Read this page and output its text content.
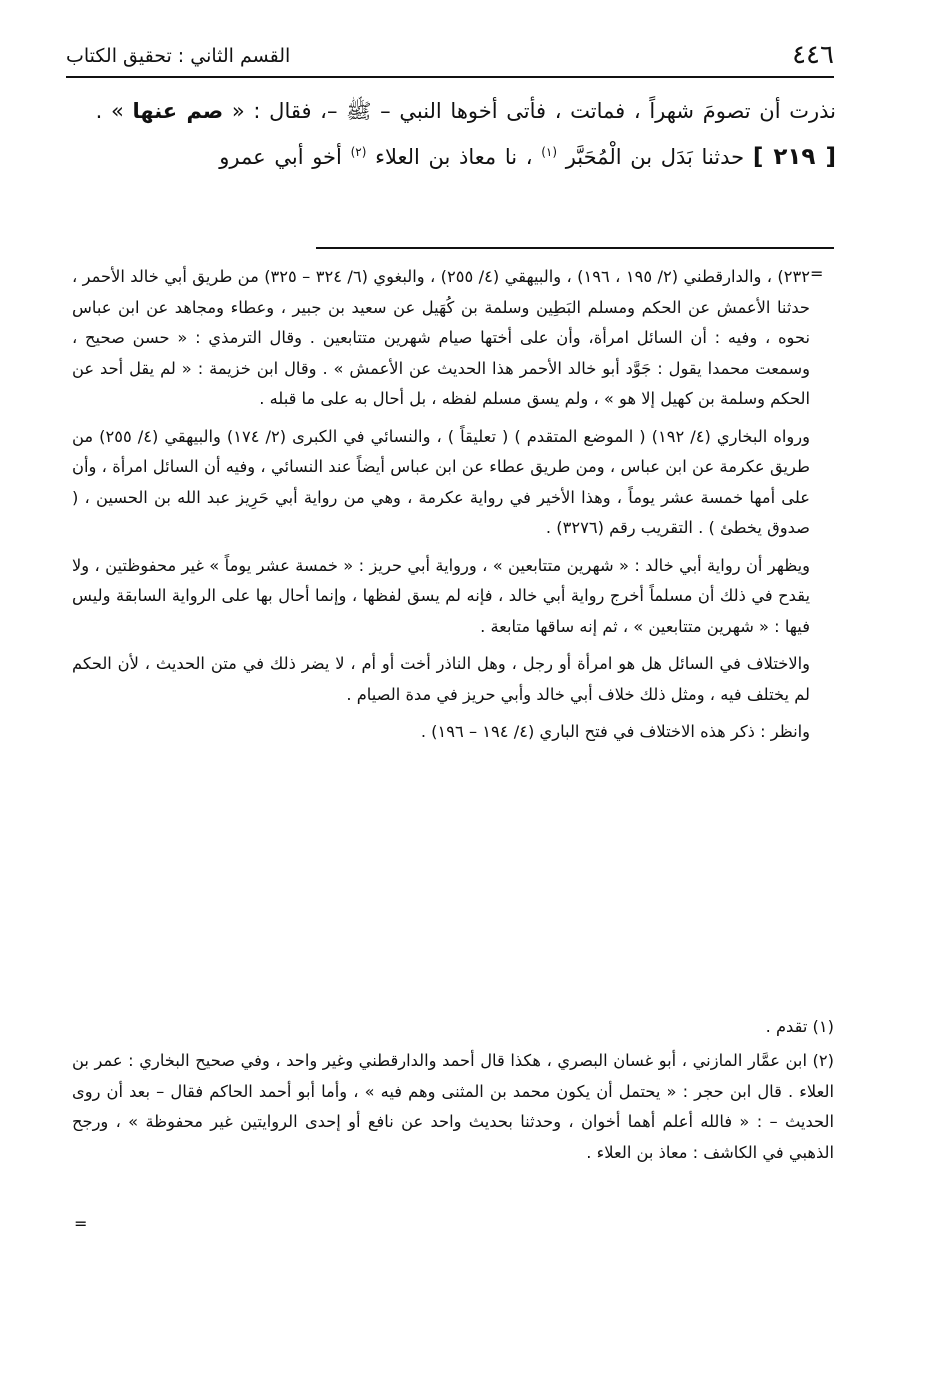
٤٤٦
القسم الثاني : تحقيق الكتاب

نذرت أن تصومَ شهراً ، فماتت ، فأتى أخوها النبي – ﷺ –، فقال : « صم عنها » .

[ ٢١٩ ] حدثنا بَدَل بن الْمُحَبَّر $^{(١)}$ ، نا معاذ بن العلاء $^{(٢)}$ أخو أبي عمرو

=

٢٣٢) ، والدارقطني (٢/ ١٩٥ ، ١٩٦) ، والبيهقي (٤/ ٢٥٥) ، والبغوي (٦/ ٣٢٤ – ٣٢٥) من طريق أبي خالد الأحمر ، حدثنا الأعمش عن الحكم ومسلم البَطِين وسلمة بن كُهَيل عن سعيد بن جبير ، وعطاء ومجاهد عن ابن عباس نحوه ، وفيه : أن السائل امرأة، وأن على أختها صيام شهرين متتابعين . وقال الترمذي : « حسن صحيح ، وسمعت محمدا يقول : جَوَّد أبو خالد الأحمر هذا الحديث عن الأعمش » . وقال ابن خزيمة : « لم يقل أحد عن الحكم وسلمة بن كهيل إلا هو » ، ولم يسق مسلم لفظه ، بل أحال به على ما قبله .

ورواه البخاري (٤/ ١٩٢) ( الموضع المتقدم ) ( تعليقاً ) ، والنسائي في الكبرى (٢/ ١٧٤) والبيهقي (٤/ ٢٥٥) من طريق عكرمة عن ابن عباس ، ومن طريق عطاء عن ابن عباس أيضاً عند النسائي ، وفيه أن السائل امرأة ، وأن على أمها خمسة عشر يوماً ، وهذا الأخير في رواية عكرمة ، وهي من رواية أبي حَرِيز عبد الله بن الحسين ، ( صدوق يخطئ ) . التقريب رقم (٣٢٧٦) .

ويظهر أن رواية أبي خالد : « شهرين متتابعين » ، ورواية أبي حريز : « خمسة عشر يوماً » غير محفوظتين ، ولا يقدح في ذلك أن مسلماً أخرج رواية أبي خالد ، فإنه لم يسق لفظها ، وإنما أحال بها على الرواية السابقة وليس فيها : « شهرين متتابعين » ، ثم إنه ساقها متابعة .

والاختلاف في السائل هل هو امرأة أو رجل ، وهل الناذر أخت أو أم ، لا يضر ذلك في متن الحديث ، لأن الحكم لم يختلف فيه ، ومثل ذلك خلاف أبي خالد وأبي حريز في مدة الصيام .

وانظر : ذكر هذه الاختلاف في فتح الباري (٤/ ١٩٤ – ١٩٦) .

(١) تقدم .

(٢) ابن عمَّار المازني ، أبو غسان البصري ، هكذا قال أحمد والدارقطني وغير واحد ، وفي صحيح البخاري : عمر بن العلاء . قال ابن حجر : « يحتمل أن يكون محمد بن المثنى وهم فيه » ، وأما أبو أحمد الحاكم فقال – بعد أن روى الحديث – : « فالله أعلم أهما أخوان ، وحدثنا بحديث واحد عن نافع أو إحدى الروايتين غير محفوظة » ، ورجح الذهبي في الكاشف : معاذ بن العلاء .

=
